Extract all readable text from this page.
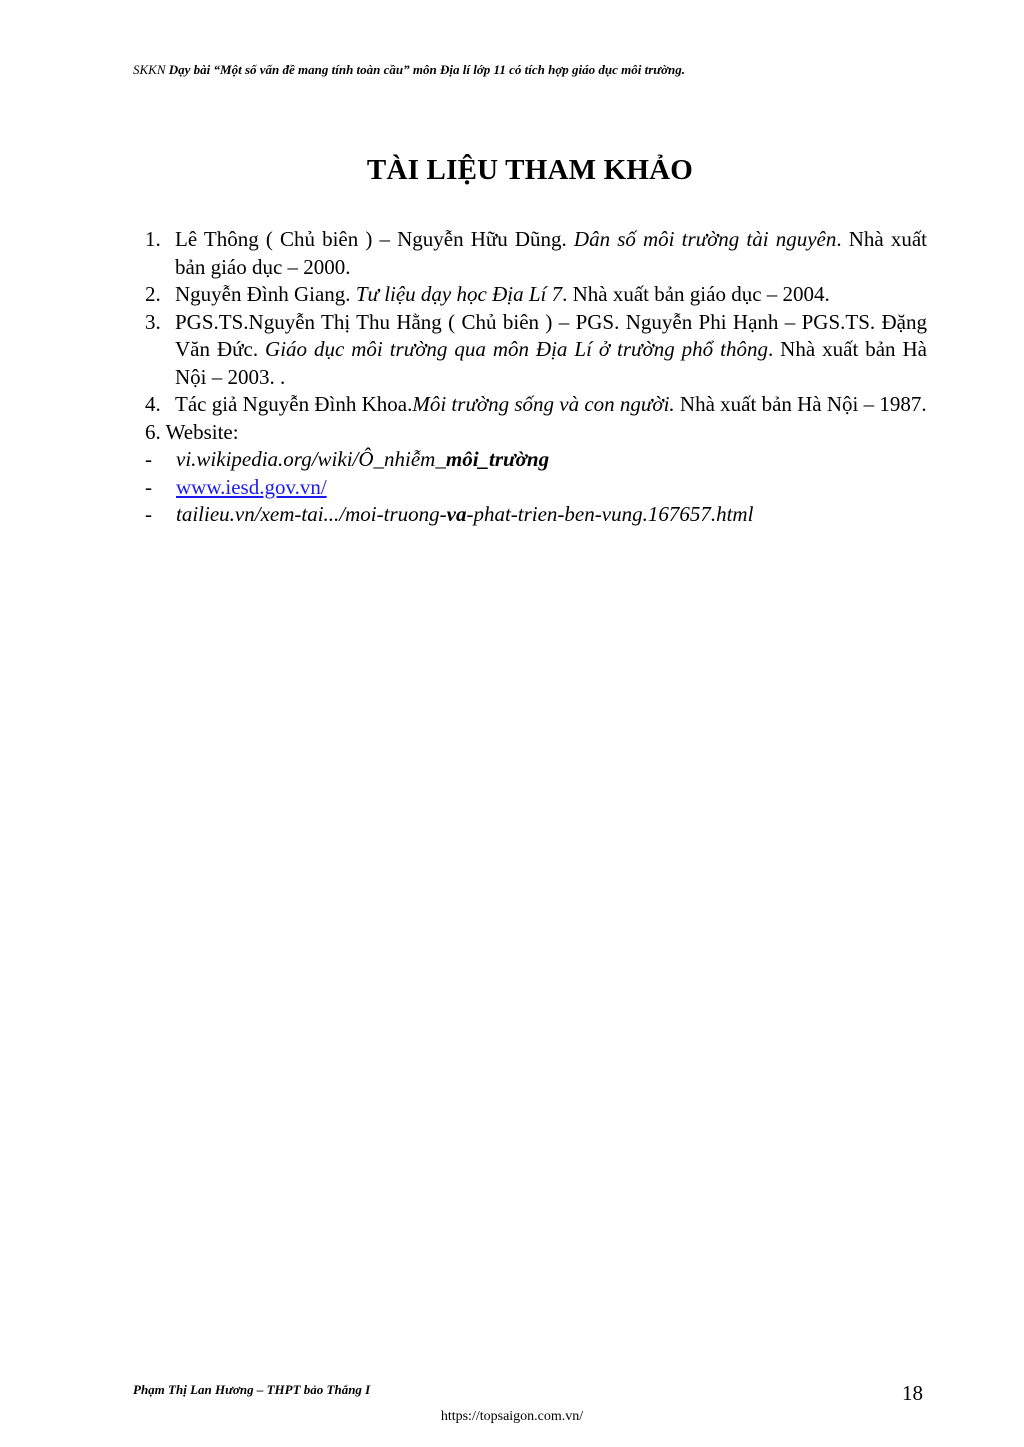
SKKN Dạy bài “Một số vấn đề mang tính toàn cầu” môn Địa lí lớp 11 có tích hợp giáo dục môi trường.
TÀI LIỆU THAM KHẢO
1. Lê Thông ( Chủ biên ) – Nguyễn Hữu Dũng. Dân số môi trường tài nguyên. Nhà xuất bản giáo dục – 2000.
2. Nguyễn Đình Giang. Tư liệu dạy học Địa Lí 7. Nhà xuất bản giáo dục – 2004.
3. PGS.TS.Nguyễn Thị Thu Hằng ( Chủ biên ) – PGS. Nguyễn Phi Hạnh – PGS.TS. Đặng Văn Đức. Giáo dục môi trường qua môn Địa Lí ở trường phổ thông. Nhà xuất bản Hà Nội – 2003. .
4. Tác giả Nguyễn Đình Khoa.Môi trường sống và con người. Nhà xuất bản Hà Nội – 1987.
6. Website:
- vi.wikipedia.org/wiki/Ô_nhiễm_môi_trường
- www.iesd.gov.vn/
- tailieu.vn/xem-tai.../moi-truong-va-phat-trien-ben-vung.167657.html
Phạm Thị Lan Hương – THPT bảo Thắng I	18
https://topsaigon.com.vn/
